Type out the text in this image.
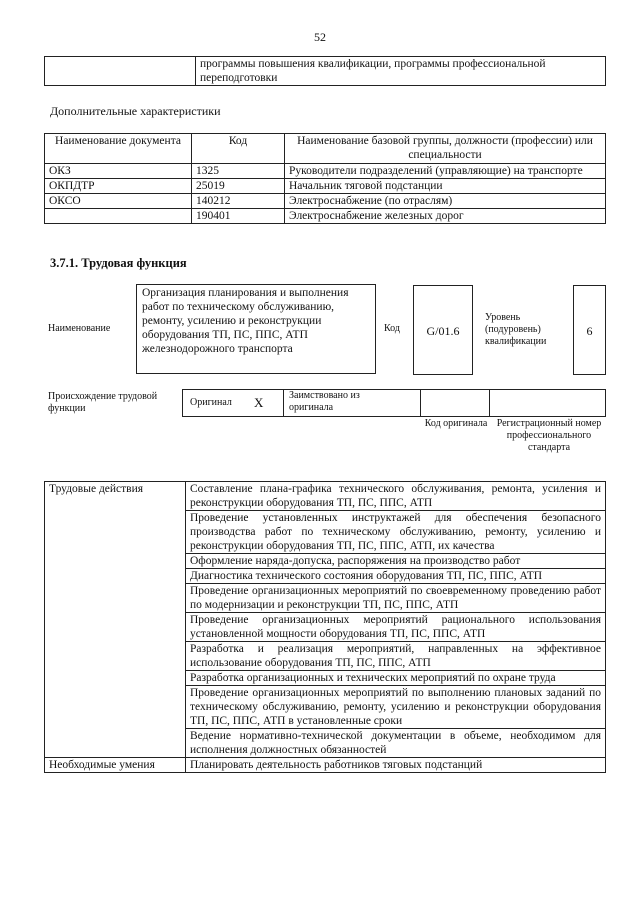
52
	программы повышения квалификации, программы профессиональной переподготовки
Дополнительные характеристики
Наименование документа	Код	Наименование базовой группы, должности (профессии) или специальности
ОКЗ	1325	Руководители подразделений (управляющие) на транспорте
ОКПДТР	25019	Начальник тяговой подстанции
ОКСО	140212	Электроснабжение (по отраслям)
	190401	Электроснабжение железных дорог
3.7.1. Трудовая функция
Наименование
Организация планирования и выполнения работ по техническому обслуживанию, ремонту, усилению и реконструкции оборудования ТП, ПС, ППС, АТП железнодорожного транспорта
Код	G/01.6
Уровень (подуровень) квалификации
6
Происхождение трудовой функции
Оригинал X	Заимствовано из оригинала
Код оригинала Регистрационный номер профессионального стандарта
Трудовые действия	Составление плана-графика технического обслуживания, ремонта, усиления и реконструкции оборудования ТП, ПС, ППС, АТП
	Проведение установленных инструктажей для обеспечения безопасного производства работ по техническому обслуживанию, ремонту, усилению и реконструкции оборудования ТП, ПС, ППС, АТП, их качества
	Оформление наряда-допуска, распоряжения на производство работ
	Диагностика технического состояния оборудования ТП, ПС, ППС, АТП
	Проведение организационных мероприятий по своевременному проведению работ по модернизации и реконструкции ТП, ПС, ППС, АТП
	Проведение организационных мероприятий рационального использования установленной мощности оборудования ТП, ПС, ППС, АТП
	Разработка и реализация мероприятий, направленных на эффективное использование оборудования ТП, ПС, ППС, АТП
	Разработка организационных и технических мероприятий по охране труда
	Проведение организационных мероприятий по выполнению плановых заданий по техническому обслуживанию, ремонту, усилению и реконструкции оборудования ТП, ПС, ППС, АТП в установленные сроки
	Ведение нормативно-технической документации в объеме, необходимом для исполнения должностных обязанностей
Необходимые умения	Планировать деятельность работников тяговых подстанций
